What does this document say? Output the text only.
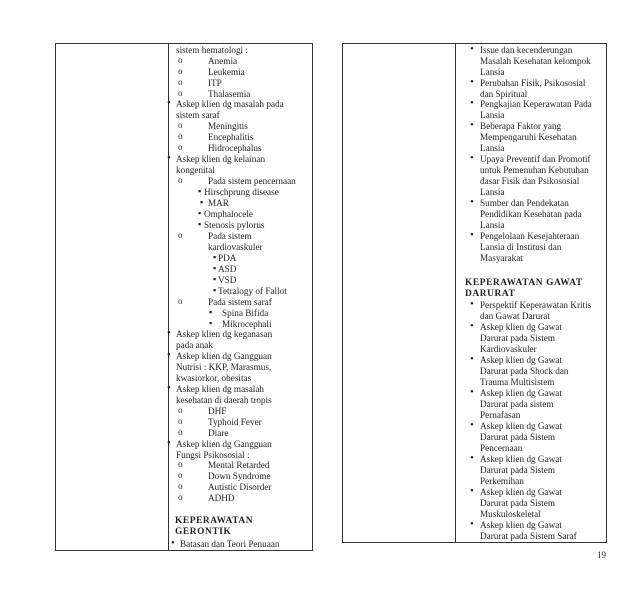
sistem hematologi :
o	Anemia
o	Leukemia
o	ITP
o	Thalasemia
• Askep klien dg masalah pada
sistem saraf
o	Meningitis
o	Encephalitis
o	Hidrocephalus
• Askep klien dg kelainan
kongenital
o	Pada sistem pencernaan
▪ Hirschprung disease
▪ MAR
▪ Omphalocele
▪ Stenosis pylorus
o	Pada sistem
kardiovaskuler
▪ PDA
▪ ASD
▪ VSD
▪ Tetralogy of Fallot
o	Pada sistem saraf
▪ Spina Bifida
▪ Mikrocephali
• Askep klien dg keganasan
pada anak
• Askep klien dg Gangguan
Nutrisi : KKP, Marasmus,
kwasiorkor, obesitas
• Askep klien dg masalah
kesehatan di daerah tropis
o	DHF
o	Typhoid Fever
o	Diare
• Askep klien dg Gangguan
Fungsi Psikososial :
o	Mental Retarded
o	Down Syndrome
o	Autistic Disorder
o	ADHD
KEPERAWATAN
GERONTIK
• Batasan dan Teori Penuaan
• Issue dan kecenderungan
Masalah Kesehatan kelompok
Lansia
• Perubahan Fisik, Psikososial
dan Spiritual
• Pengkajian Keperawatan Pada
Lansia
• Beberapa Faktor yang
Mempengaruhi Kesehatan
Lansia
• Upaya Preventif dan Promotif
untuk Pemenuhan Kebutuhan
dasar Fisik dan Psikososial
Lansia
• Sumber dan Pendekatan
Pendidikan Kesehatan pada
Lansia
• Pengelolaan Kesejahteraan
Lansia di Institusi dan
Masyarakat
KEPERAWATAN GAWAT
DARURAT
• Perspektif Keperawatan Kritis
dan Gawat Darurat
• Askep klien dg Gawat
Darurat pada Sistem
Kardiovaskuler
• Askep klien dg Gawat
Darurat pada Shock dan
Trauma Multisistem
• Askep klien dg Gawat
Darurat pada sistem
Pernafasan
• Askep klien dg Gawat
Darurat pada Sistem
Pencernaan
• Askep klien dg Gawat
Darurat pada Sistem
Perkemihan
• Askep klien dg Gawat
Darurat pada Sistem
Muskuloskeletal
• Askep klien dg Gawat
Darurat pada Sistem Saraf
19
